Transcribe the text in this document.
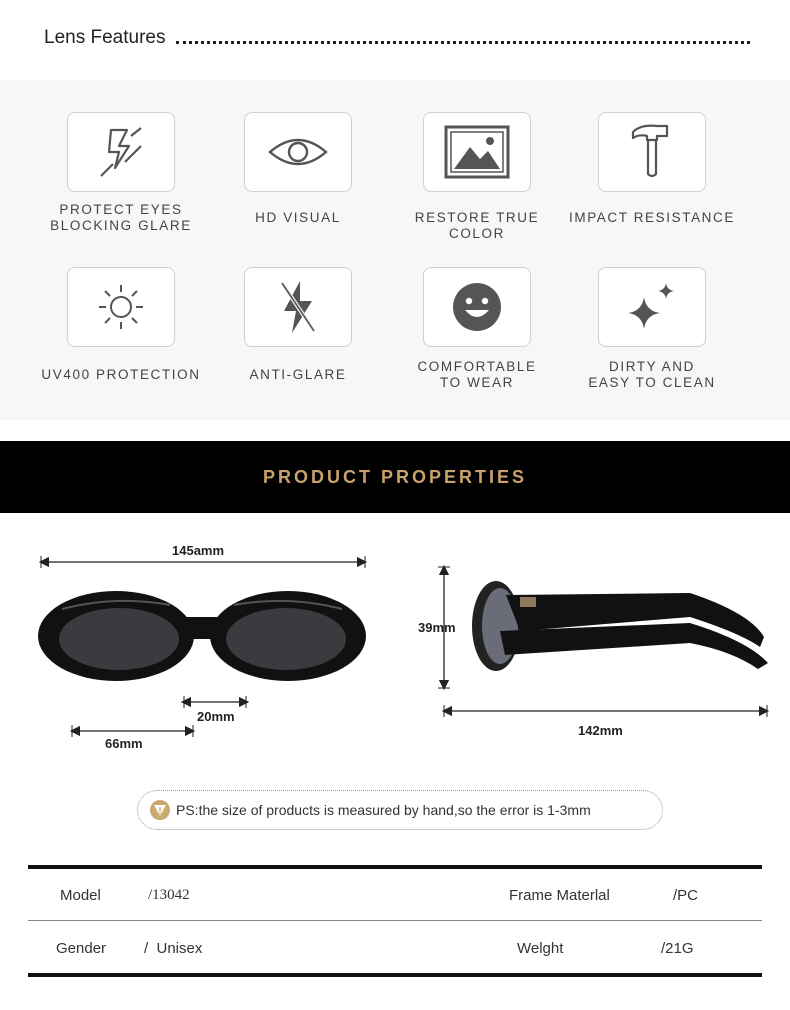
Lens Features
PROTECT EYES
BLOCKING GLARE
HD VISUAL	RESTORE TRUE COLOR
IMPACT RESISTANCE
UV400 PROTECTION	ANTI-GLARE
COMFORTABLE
TO WEAR
DIRTY AND
EASY TO CLEAN
PRODUCT PROPERTIES
145amm
20mm
66mm
39mm
142mm
PS:the size of products is measured by hand,so the error is 1-3mm
Model	/13042	Frame Materlal	/PC
Gender	/  Unisex	Welght	/21G
